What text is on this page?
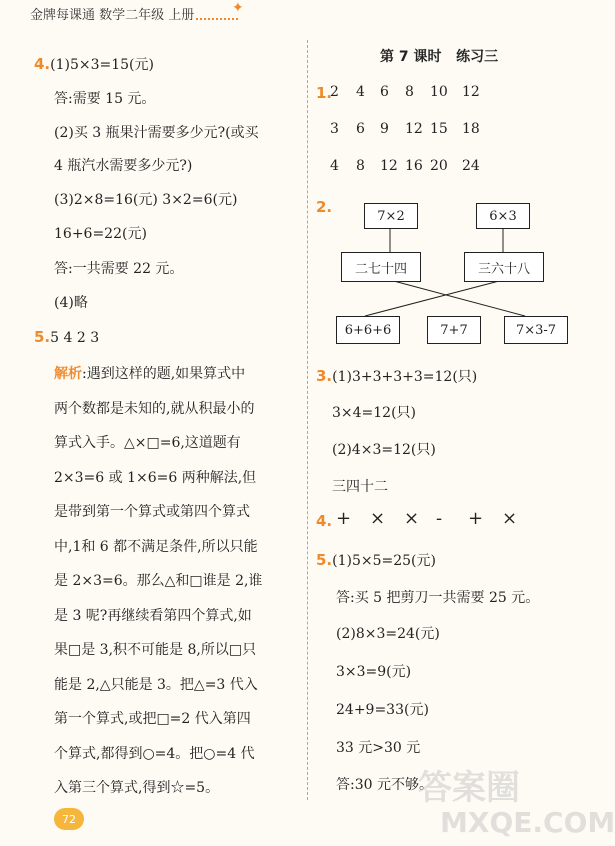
金牌每课通 数学二年级 上册	✦
4.(1)5×3=15(元)
答:需要 15 元。
(2)买 3 瓶果汁需要多少元?(或买
4 瓶汽水需要多少元?)
(3)2×8=16(元) 3×2=6(元)
16+6=22(元)
答:一共需要 22 元。
(4)略
5.5 4 2 3
解析:遇到这样的题,如果算式中
两个数都是未知的,就从积最小的
算式入手。△×□=6,这道题有
2×3=6 或 1×6=6 两种解法,但
是带到第一个算式或第四个算式
中,1和 6 都不满足条件,所以只能
是 2×3=6。那么△和□谁是 2,谁
是 3 呢?再继续看第四个算式,如
果□是 3,积不可能是 8,所以□只
能是 2,△只能是 3。把△=3 代入
第一个算式,或把□=2 代入第四
个算式,都得到○=4。把○=4 代
入第三个算式,得到☆=5。
第 7 课时 练习三
1.
2 4 6 8 10 12
3 6 9 12 15 18
4 8 12 16 20 24
2.	7×2	6×3
二七十四	三六十八
6+6+6	7+7	7×3-7
3.(1)3+3+3+3=12(只)
3×4=12(只)
(2)4×3=12(只)
三四十二
4. + × × - + ×
5.(1)5×5=25(元)
答:买 5 把剪刀一共需要 25 元。
(2)8×3=24(元)
3×3=9(元)
24+9=33(元)
33 元>30 元
答:30 元不够。
72
答案圈
MXQE.COM
